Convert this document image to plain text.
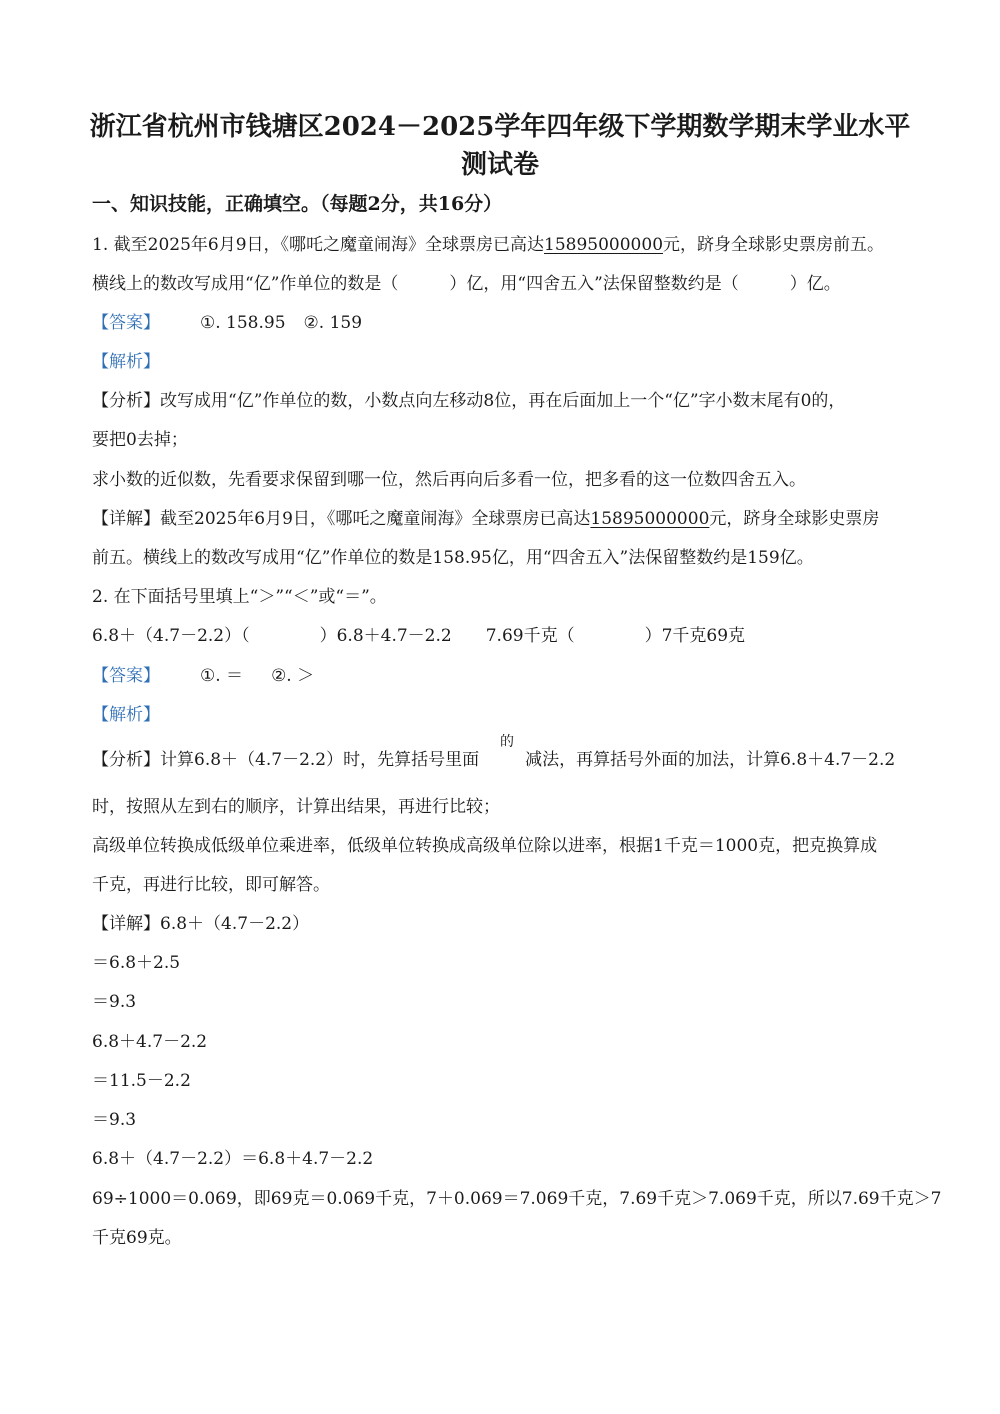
浙江省杭州市钱塘区2024－2025学年四年级下学期数学期末学业水平
测试卷
一、知识技能，正确填空。（每题2分，共16分）
1. 截至2025年6月9日，《哪吒之魔童闹海》全球票房已高达15895000000元，跻身全球影史票房前五。
横线上的数改写成用“亿”作单位的数是（　　　）亿，用“四舍五入”法保留整数约是（　　　）亿。
【答案】 ①. 158.95 ②. 159
【解析】
【分析】改写成用“亿”作单位的数，小数点向左移动8位，再在后面加上一个“亿”字小数末尾有0的，
要把0去掉；
求小数的近似数，先看要求保留到哪一位，然后再向后多看一位，把多看的这一位数四舍五入。
【详解】截至2025年6月9日，《哪吒之魔童闹海》全球票房已高达15895000000元，跻身全球影史票房
前五。横线上的数改写成用“亿”作单位的数是158.95亿，用“四舍五入”法保留整数约是159亿。
2. 在下面括号里填上“＞”“＜”或“＝”。
6.8＋（4.7－2.2）（	）6.8＋4.7－2.2 7.69千克（	）7千克69克
【答案】 ①. ＝ ②. ＞
【解析】
的
【分析】计算6.8＋（4.7－2.2）时，先算括号里面	减法，再算括号外面的加法，计算6.8＋4.7－2.2
时，按照从左到右的顺序，计算出结果，再进行比较；
高级单位转换成低级单位乘进率，低级单位转换成高级单位除以进率，根据1千克＝1000克，把克换算成
千克，再进行比较，即可解答。
【详解】6.8＋（4.7－2.2）
＝6.8＋2.5
＝9.3
6.8＋4.7－2.2
＝11.5－2.2
＝9.3
6.8＋（4.7－2.2）＝6.8＋4.7－2.2
69÷1000＝0.069，即69克＝0.069千克，7＋0.069＝7.069千克，7.69千克＞7.069千克，所以7.69千克＞7
千克69克。
